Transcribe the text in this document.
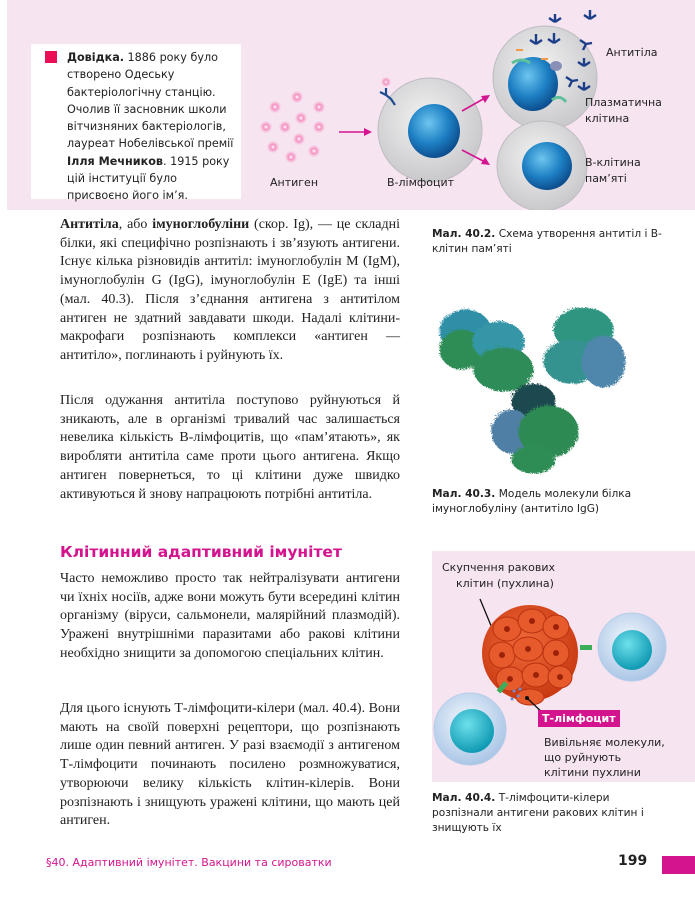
Довідка. 1886 року було створено Одеську бактеріологічну станцію. Очолив її засновник школи вітчизняних бактеріологів, лауреат Нобелівської премії Ілля Мечников. 1915 року цій інституції було присвоєно його ім’я.
Антиген	В-лімфоцит
Антитіла
Плазматична
клітина
В-клітина
пам’яті
Мал. 40.2. Схема утворення антитіл і В-клітин пам’яті
Мал. 40.3. Модель молекули білка імуноглобуліну (антитіло IgG)

Антитіла, або імуноглобуліни (скор. Ig), — це складні білки, які специфічно розпізнають і зв’язують антигени. Існує кілька різновидів антитіл: імуноглобулін М (IgM), імуноглобулін G (IgG), імуноглобулін Е (IgE) та інші (мал. 40.3). Після з’єднання антигена з антитілом антиген не здатний завдавати шкоди. Надалі клітини-макрофаги розпізнають комплекси «антиген — антитіло», поглинають і руйнують їх.

Після одужання антитіла поступово руйнуються й зникають, але в організмі тривалий час залишається невелика кількість В-лімфоцитів, що «пам’ятають», як виробляти антитіла саме проти цього антигена. Якщо антиген повернеться, то ці клітини дуже швидко активуються й знову напрацюють потрібні антитіла.

Клітинний адаптивний імунітет

Часто неможливо просто так нейтралізувати антигени чи їхніх носіїв, адже вони можуть бути всередині клітин організму (віруси, сальмонели, малярійний плазмодій). Уражені внутрішніми паразитами або ракові клітини необхідно знищити за допомогою спеціальних клітин.

Для цього існують Т-лімфоцити-кілери (мал. 40.4). Вони мають на своїй поверхні рецептори, що розпізнають лише один певний антиген. У разі взаємодії з антигеном Т-лімфоцити починають посилено розмножуватися, утворюючи велику кількість клітин-кілерів. Вони розпізнають і знищують уражені клітини, що мають цей антиген.

Скупчення ракових
клітин (пухлина)
Т-лімфоцит
Вивільняє молекули,
що руйнують
клітини пухлини
Мал. 40.4. Т-лімфоцити-кілери розпізнали антигени ракових клітин і знищують їх
§40. Адаптивний імунітет. Вакцини та сироватки	199
